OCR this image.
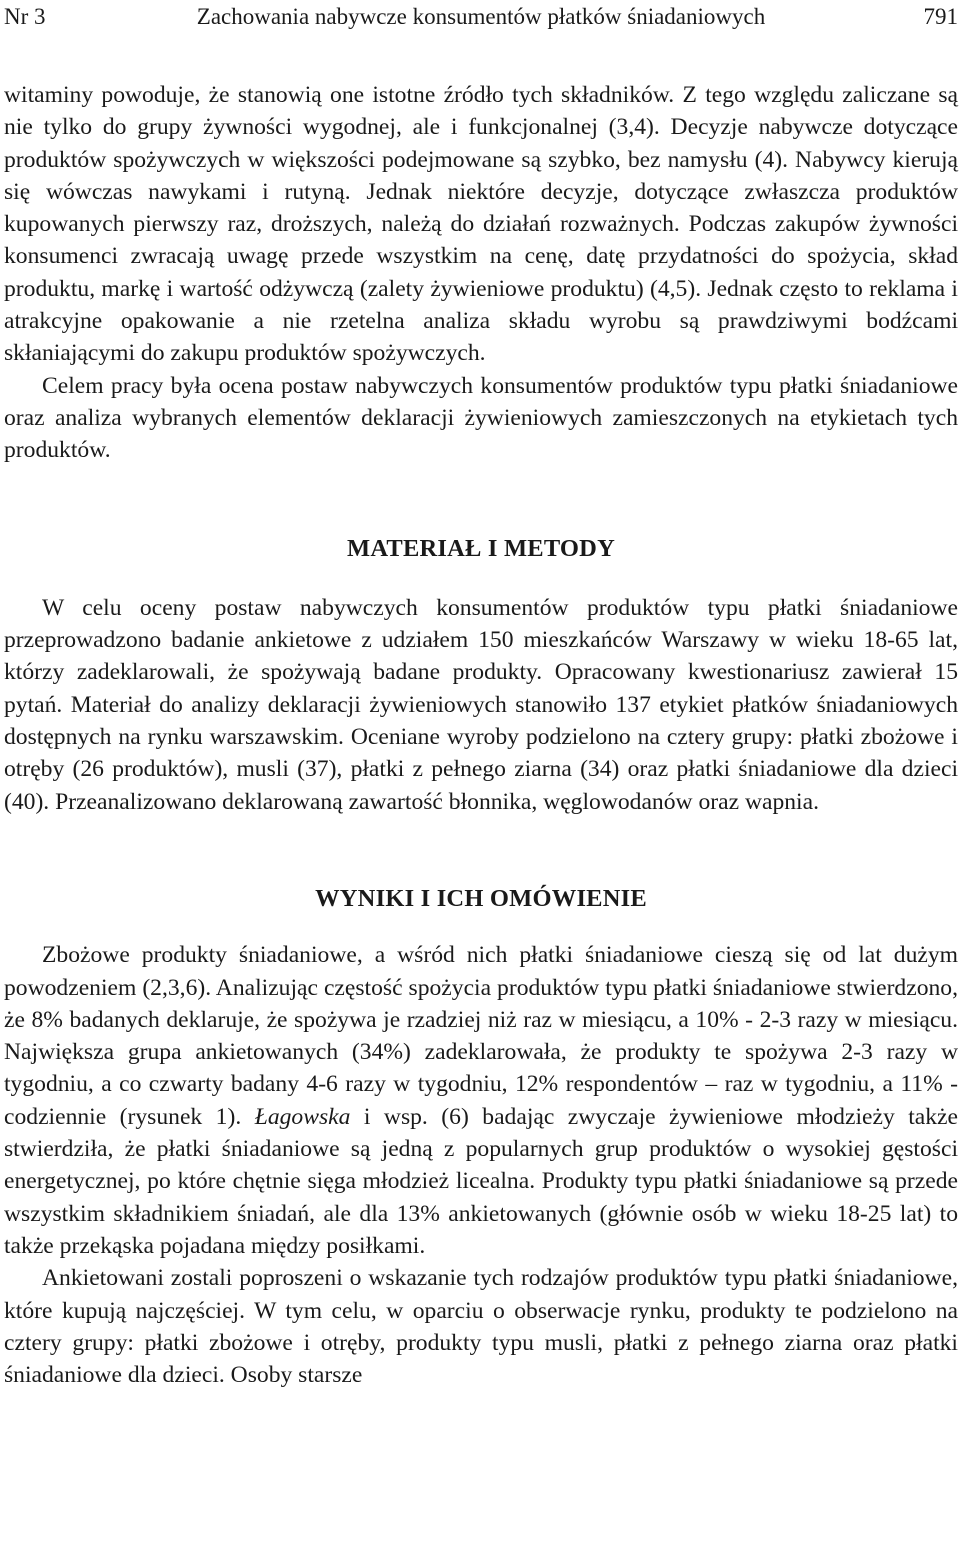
Nr 3	Zachowania nabywcze konsumentów płatków śniadaniowych	791

witaminy powoduje, że stanowią one istotne źródło tych składników. Z tego względu zaliczane są nie tylko do grupy żywności wygodnej, ale i funkcjonalnej (3,4). Decyzje nabywcze dotyczące produktów spożywczych w większości podejmowane są szybko, bez namysłu (4). Nabywcy kierują się wówczas nawykami i rutyną. Jednak niektóre decyzje, dotyczące zwłaszcza produktów kupowanych pierwszy raz, droższych, należą do działań rozważnych. Podczas zakupów żywności konsumenci zwracają uwagę przede wszystkim na cenę, datę przydatności do spożycia, skład produktu, markę i wartość odżywczą (zalety żywieniowe produktu) (4,5). Jednak często to reklama i atrakcyjne opakowanie a nie rzetelna analiza składu wyrobu są prawdziwymi bodźcami skłaniającymi do zakupu produktów spożywczych.

Celem pracy była ocena postaw nabywczych konsumentów produktów typu płatki śniadaniowe oraz analiza wybranych elementów deklaracji żywieniowych zamieszczonych na etykietach tych produktów.

MATERIAŁ I METODY

W celu oceny postaw nabywczych konsumentów produktów typu płatki śniadaniowe przeprowadzono badanie ankietowe z udziałem 150 mieszkańców Warszawy w wieku 18-65 lat, którzy zadeklarowali, że spożywają badane produkty. Opracowany kwestionariusz zawierał 15 pytań. Materiał do analizy deklaracji żywieniowych stanowiło 137 etykiet płatków śniadaniowych dostępnych na rynku warszawskim. Oceniane wyroby podzielono na cztery grupy: płatki zbożowe i otręby (26 produktów), musli (37), płatki z pełnego ziarna (34) oraz płatki śniadaniowe dla dzieci (40). Przeanalizowano deklarowaną zawartość błonnika, węglowodanów oraz wapnia.

WYNIKI I ICH OMÓWIENIE

Zbożowe produkty śniadaniowe, a wśród nich płatki śniadaniowe cieszą się od lat dużym powodzeniem (2,3,6). Analizując częstość spożycia produktów typu płatki śniadaniowe stwierdzono, że 8% badanych deklaruje, że spożywa je rzadziej niż raz w miesiącu, a 10% - 2-3 razy w miesiącu. Największa grupa ankietowanych (34%) zadeklarowała, że produkty te spożywa 2-3 razy w tygodniu, a co czwarty badany 4-6 razy w tygodniu, 12% respondentów – raz w tygodniu, a 11% - codziennie (rysunek 1). Łagowska i wsp. (6) badając zwyczaje żywieniowe młodzieży także stwierdziła, że płatki śniadaniowe są jedną z popularnych grup produktów o wysokiej gęstości energetycznej, po które chętnie sięga młodzież licealna. Produkty typu płatki śniadaniowe są przede wszystkim składnikiem śniadań, ale dla 13% ankietowanych (głównie osób w wieku 18-25 lat) to także przekąska pojadana między posiłkami.

Ankietowani zostali poproszeni o wskazanie tych rodzajów produktów typu płatki śniadaniowe, które kupują najczęściej. W tym celu, w oparciu o obserwacje rynku, produkty te podzielono na cztery grupy: płatki zbożowe i otręby, produkty typu musli, płatki z pełnego ziarna oraz płatki śniadaniowe dla dzieci. Osoby starsze
